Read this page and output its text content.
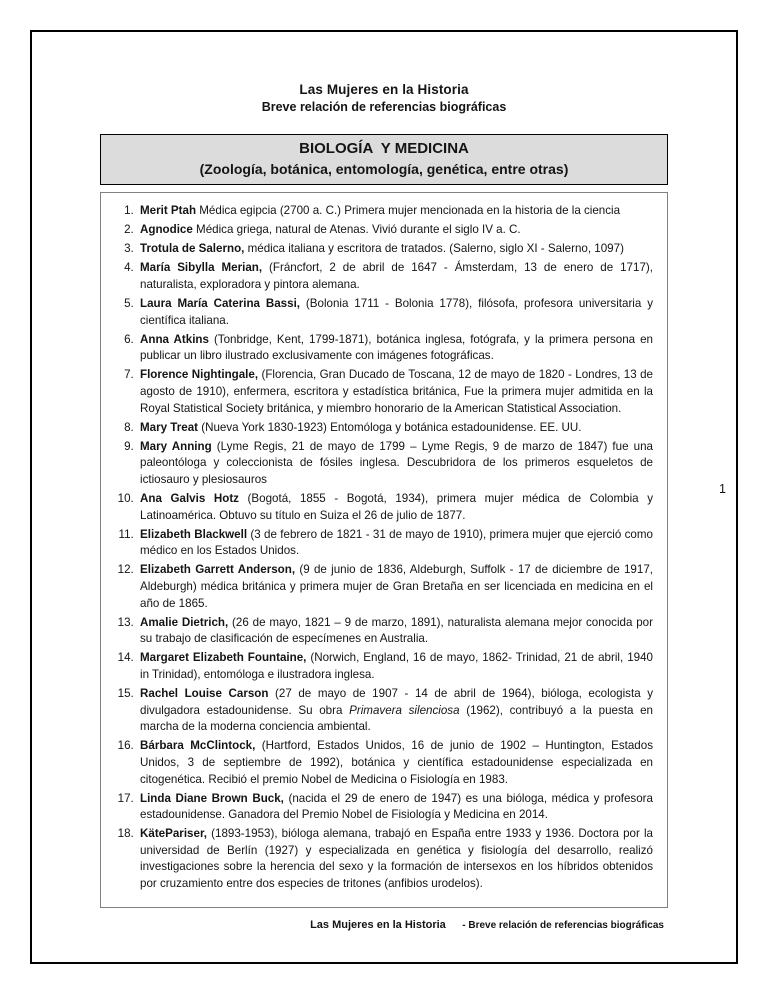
Las Mujeres en la Historia
Breve relación de referencias biográficas
BIOLOGÍA  Y MEDICINA
(Zoología, botánica, entomología, genética, entre otras)
1. Merit Ptah Médica egipcia (2700 a. C.) Primera mujer mencionada en la historia de la ciencia
2. Agnodice Médica griega, natural de Atenas. Vivió durante el siglo IV a. C.
3. Trotula de Salerno, médica italiana y escritora de tratados. (Salerno, siglo XI - Salerno, 1097)
4. María Sibylla Merian, (Fráncfort, 2 de abril de 1647 - Ámsterdam, 13 de enero de 1717), naturalista, exploradora y pintora alemana.
5. Laura María Caterina Bassi, (Bolonia 1711 - Bolonia 1778), filósofa, profesora universitaria y científica italiana.
6. Anna Atkins (Tonbridge, Kent, 1799-1871), botánica inglesa, fotógrafa, y la primera persona en publicar un libro ilustrado exclusivamente con imágenes fotográficas.
7. Florence Nightingale, (Florencia, Gran Ducado de Toscana, 12 de mayo de 1820 - Londres, 13 de agosto de 1910), enfermera, escritora y estadística británica, Fue la primera mujer admitida en la Royal Statistical Society británica, y miembro honorario de la American Statistical Association.
8. Mary Treat (Nueva York 1830-1923) Entomóloga y botánica estadounidense. EE. UU.
9. Mary Anning (Lyme Regis, 21 de mayo de 1799 – Lyme Regis, 9 de marzo de 1847) fue una paleontóloga y coleccionista de fósiles inglesa. Descubridora de los primeros esqueletos de ictiosauro y plesiosauros
10. Ana Galvis Hotz (Bogotá, 1855 - Bogotá, 1934), primera mujer médica de Colombia y Latinoamérica. Obtuvo su título en Suiza el 26 de julio de 1877.
11. Elizabeth Blackwell (3 de febrero de 1821 - 31 de mayo de 1910), primera mujer que ejerció como médico en los Estados Unidos.
12. Elizabeth Garrett Anderson, (9 de junio de 1836, Aldeburgh, Suffolk - 17 de diciembre de 1917, Aldeburgh) médica británica y primera mujer de Gran Bretaña en ser licenciada en medicina en el año de 1865.
13. Amalie Dietrich, (26 de mayo, 1821 – 9 de marzo, 1891), naturalista alemana mejor conocida por su trabajo de clasificación de especímenes en Australia.
14. Margaret Elizabeth Fountaine, (Norwich, England, 16 de mayo, 1862- Trinidad, 21 de abril, 1940 in Trinidad), entomóloga e ilustradora inglesa.
15. Rachel Louise Carson (27 de mayo de 1907 - 14 de abril de 1964), bióloga, ecologista y divulgadora estadounidense. Su obra Primavera silenciosa (1962), contribuyó a la puesta en marcha de la moderna conciencia ambiental.
16. Bárbara McClintock, (Hartford, Estados Unidos, 16 de junio de 1902 – Huntington, Estados Unidos, 3 de septiembre de 1992), botánica y científica estadounidense especializada en citogenética. Recibió el premio Nobel de Medicina o Fisiología en 1983.
17. Linda Diane Brown Buck, (nacida el 29 de enero de 1947) es una bióloga, médica y profesora estadounidense. Ganadora del Premio Nobel de Fisiología y Medicina en 2014.
18. KätePariser, (1893-1953), bióloga alemana, trabajó en España entre 1933 y 1936. Doctora por la universidad de Berlín (1927) y especializada en genética y fisiología del desarrollo, realizó investigaciones sobre la herencia del sexo y la formación de intersexos en los híbridos obtenidos por cruzamiento entre dos especies de tritones (anfibios urodelos).
1
Las Mujeres en la Historia - Breve relación de referencias biográficas
